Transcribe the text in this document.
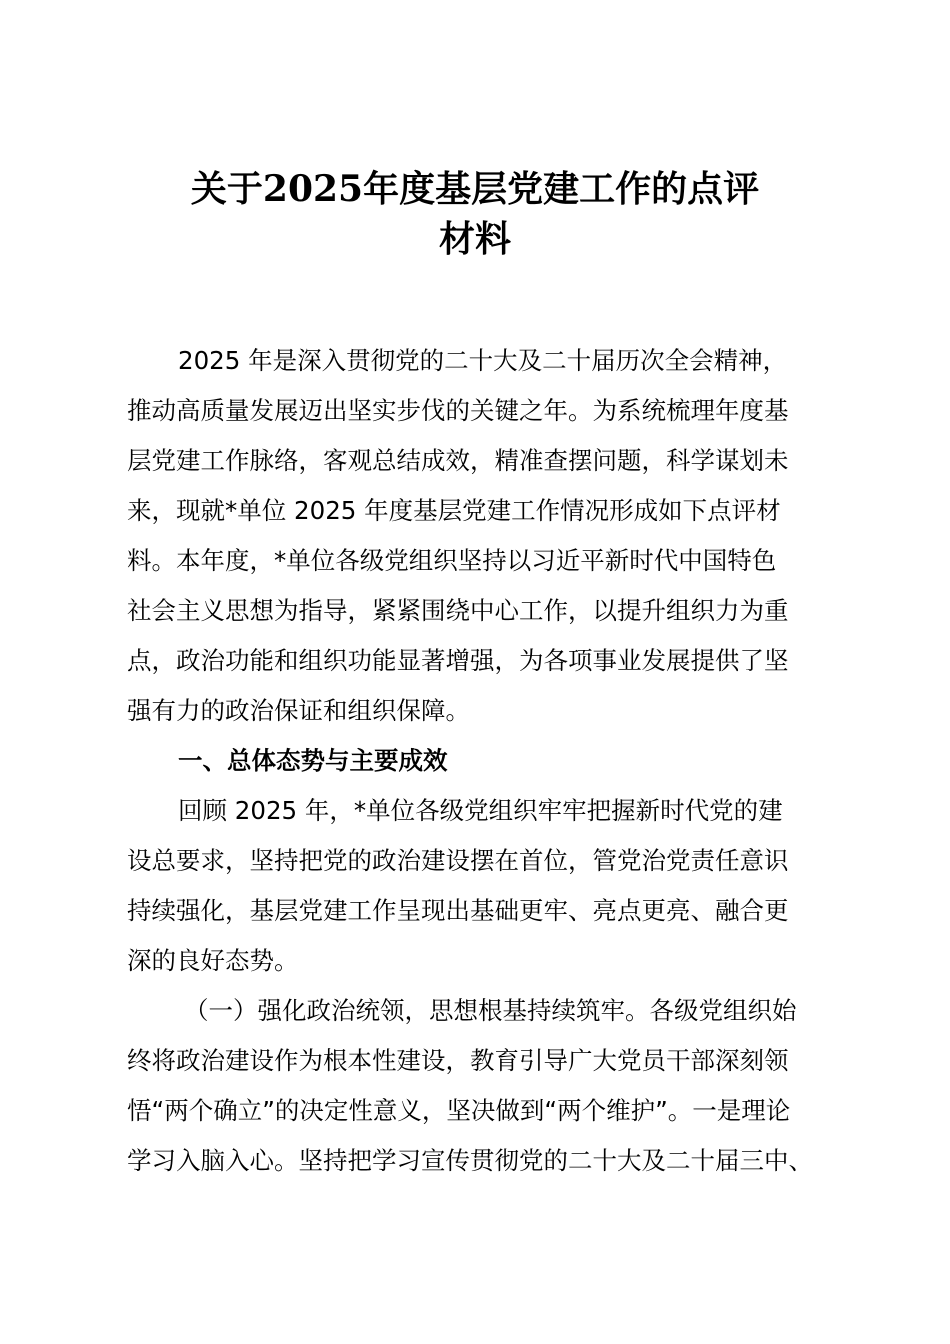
关于2025年度基层党建工作的点评
材料
2025 年是深入贯彻党的二十大及二十届历次全会精神，
推动高质量发展迈出坚实步伐的关键之年。为系统梳理年度基
层党建工作脉络，客观总结成效，精准查摆问题，科学谋划未
来，现就*单位 2025 年度基层党建工作情况形成如下点评材
料。本年度，*单位各级党组织坚持以习近平新时代中国特色
社会主义思想为指导，紧紧围绕中心工作，以提升组织力为重
点，政治功能和组织功能显著增强，为各项事业发展提供了坚
强有力的政治保证和组织保障。
一、总体态势与主要成效
回顾 2025 年，*单位各级党组织牢牢把握新时代党的建
设总要求，坚持把党的政治建设摆在首位，管党治党责任意识
持续强化，基层党建工作呈现出基础更牢、亮点更亮、融合更
深的良好态势。
（一）强化政治统领，思想根基持续筑牢。各级党组织始
终将政治建设作为根本性建设，教育引导广大党员干部深刻领
悟“两个确立”的决定性意义，坚决做到“两个维护”。一是理论
学习入脑入心。坚持把学习宣传贯彻党的二十大及二十届三中、
